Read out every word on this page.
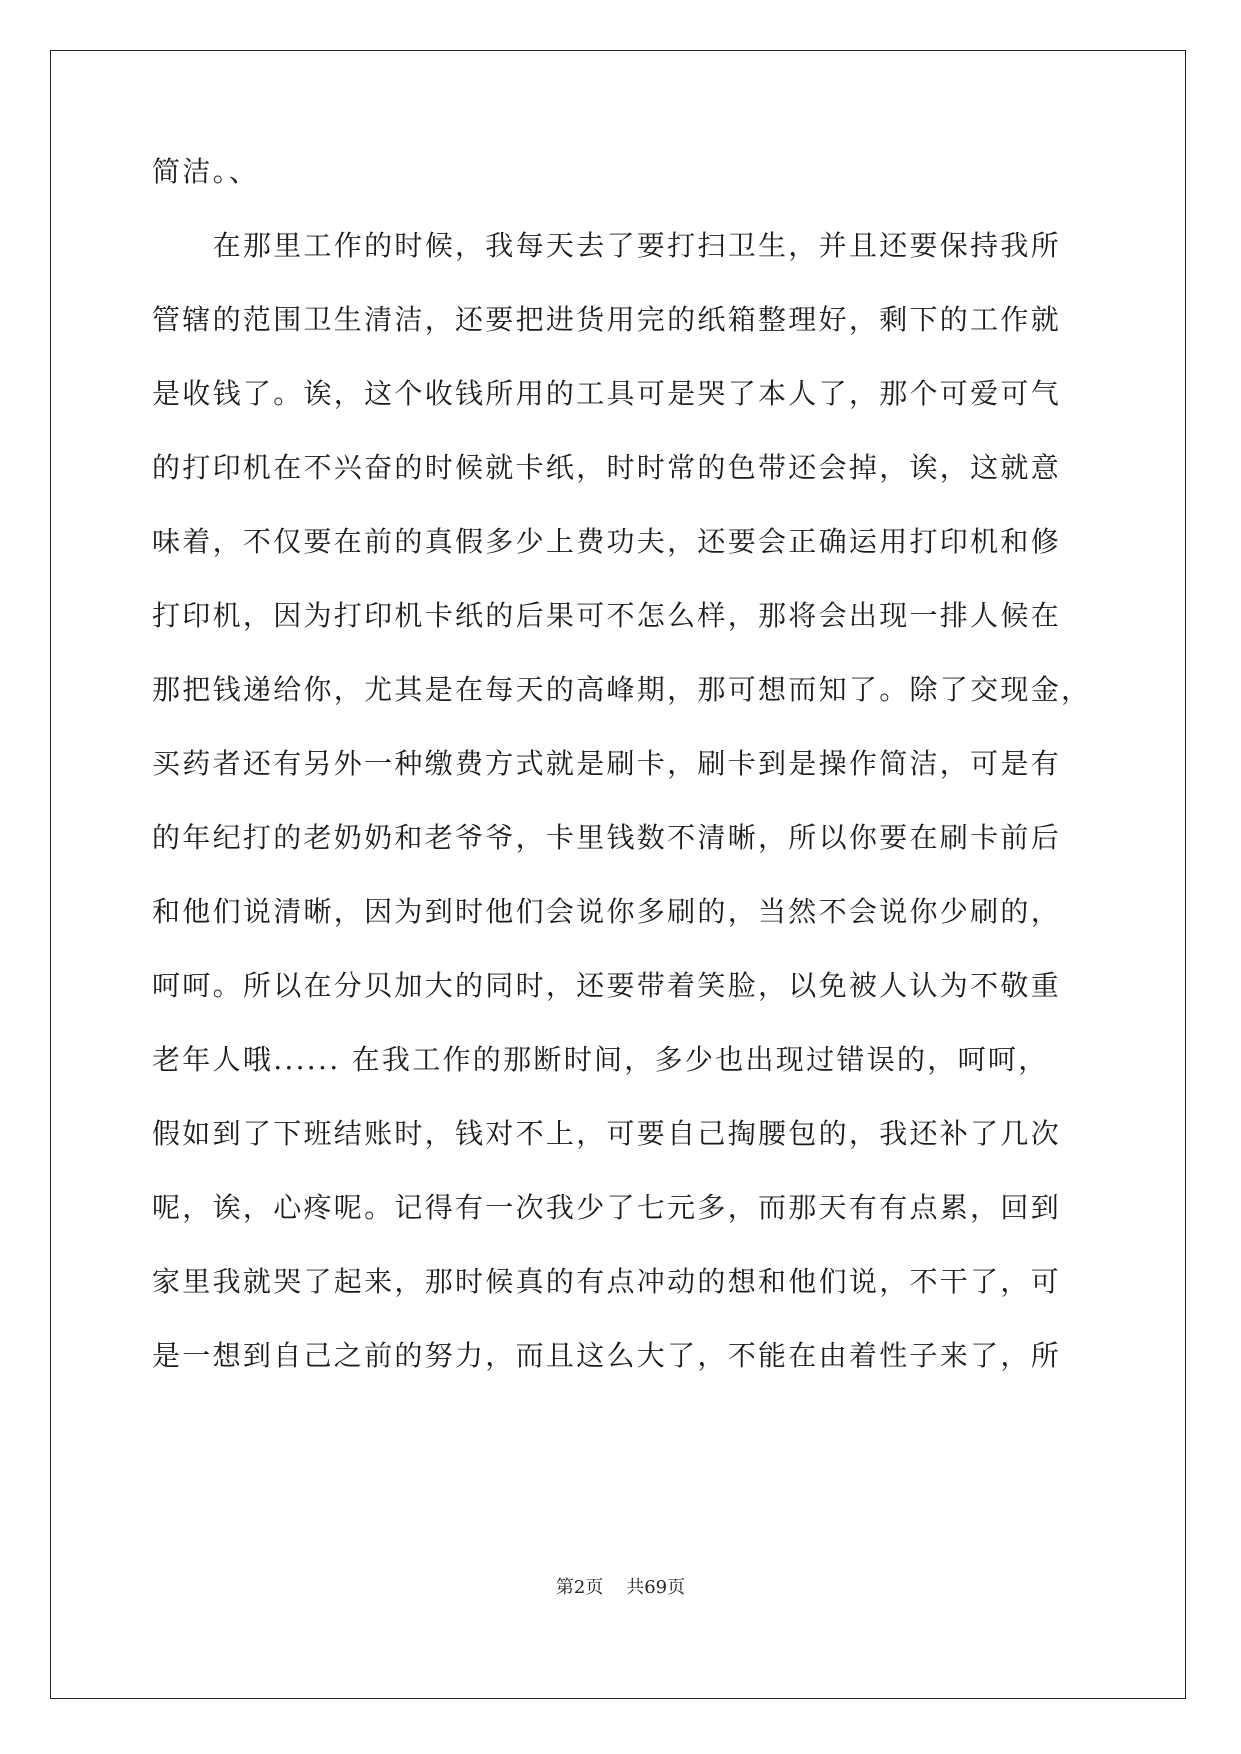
简洁。、
　　在那里工作的时候，我每天去了要打扫卫生，并且还要保持我所
管辖的范围卫生清洁，还要把进货用完的纸箱整理好，剩下的工作就
是收钱了。诶，这个收钱所用的工具可是哭了本人了，那个可爱可气
的打印机在不兴奋的时候就卡纸，时时常的色带还会掉，诶，这就意
味着，不仅要在前的真假多少上费功夫，还要会正确运用打印机和修
打印机，因为打印机卡纸的后果可不怎么样，那将会出现一排人候在
那把钱递给你，尤其是在每天的高峰期，那可想而知了。除了交现金，
买药者还有另外一种缴费方式就是刷卡，刷卡到是操作简洁，可是有
的年纪打的老奶奶和老爷爷，卡里钱数不清晰，所以你要在刷卡前后
和他们说清晰，因为到时他们会说你多刷的，当然不会说你少刷的，
呵呵。所以在分贝加大的同时，还要带着笑脸，以免被人认为不敬重
老年人哦...... 在我工作的那断时间，多少也出现过错误的，呵呵，
假如到了下班结账时，钱对不上，可要自己掏腰包的，我还补了几次
呢，诶，心疼呢。记得有一次我少了七元多，而那天有有点累，回到
家里我就哭了起来，那时候真的有点冲动的想和他们说，不干了，可
是一想到自己之前的努力，而且这么大了，不能在由着性子来了，所
第2页 共69页
